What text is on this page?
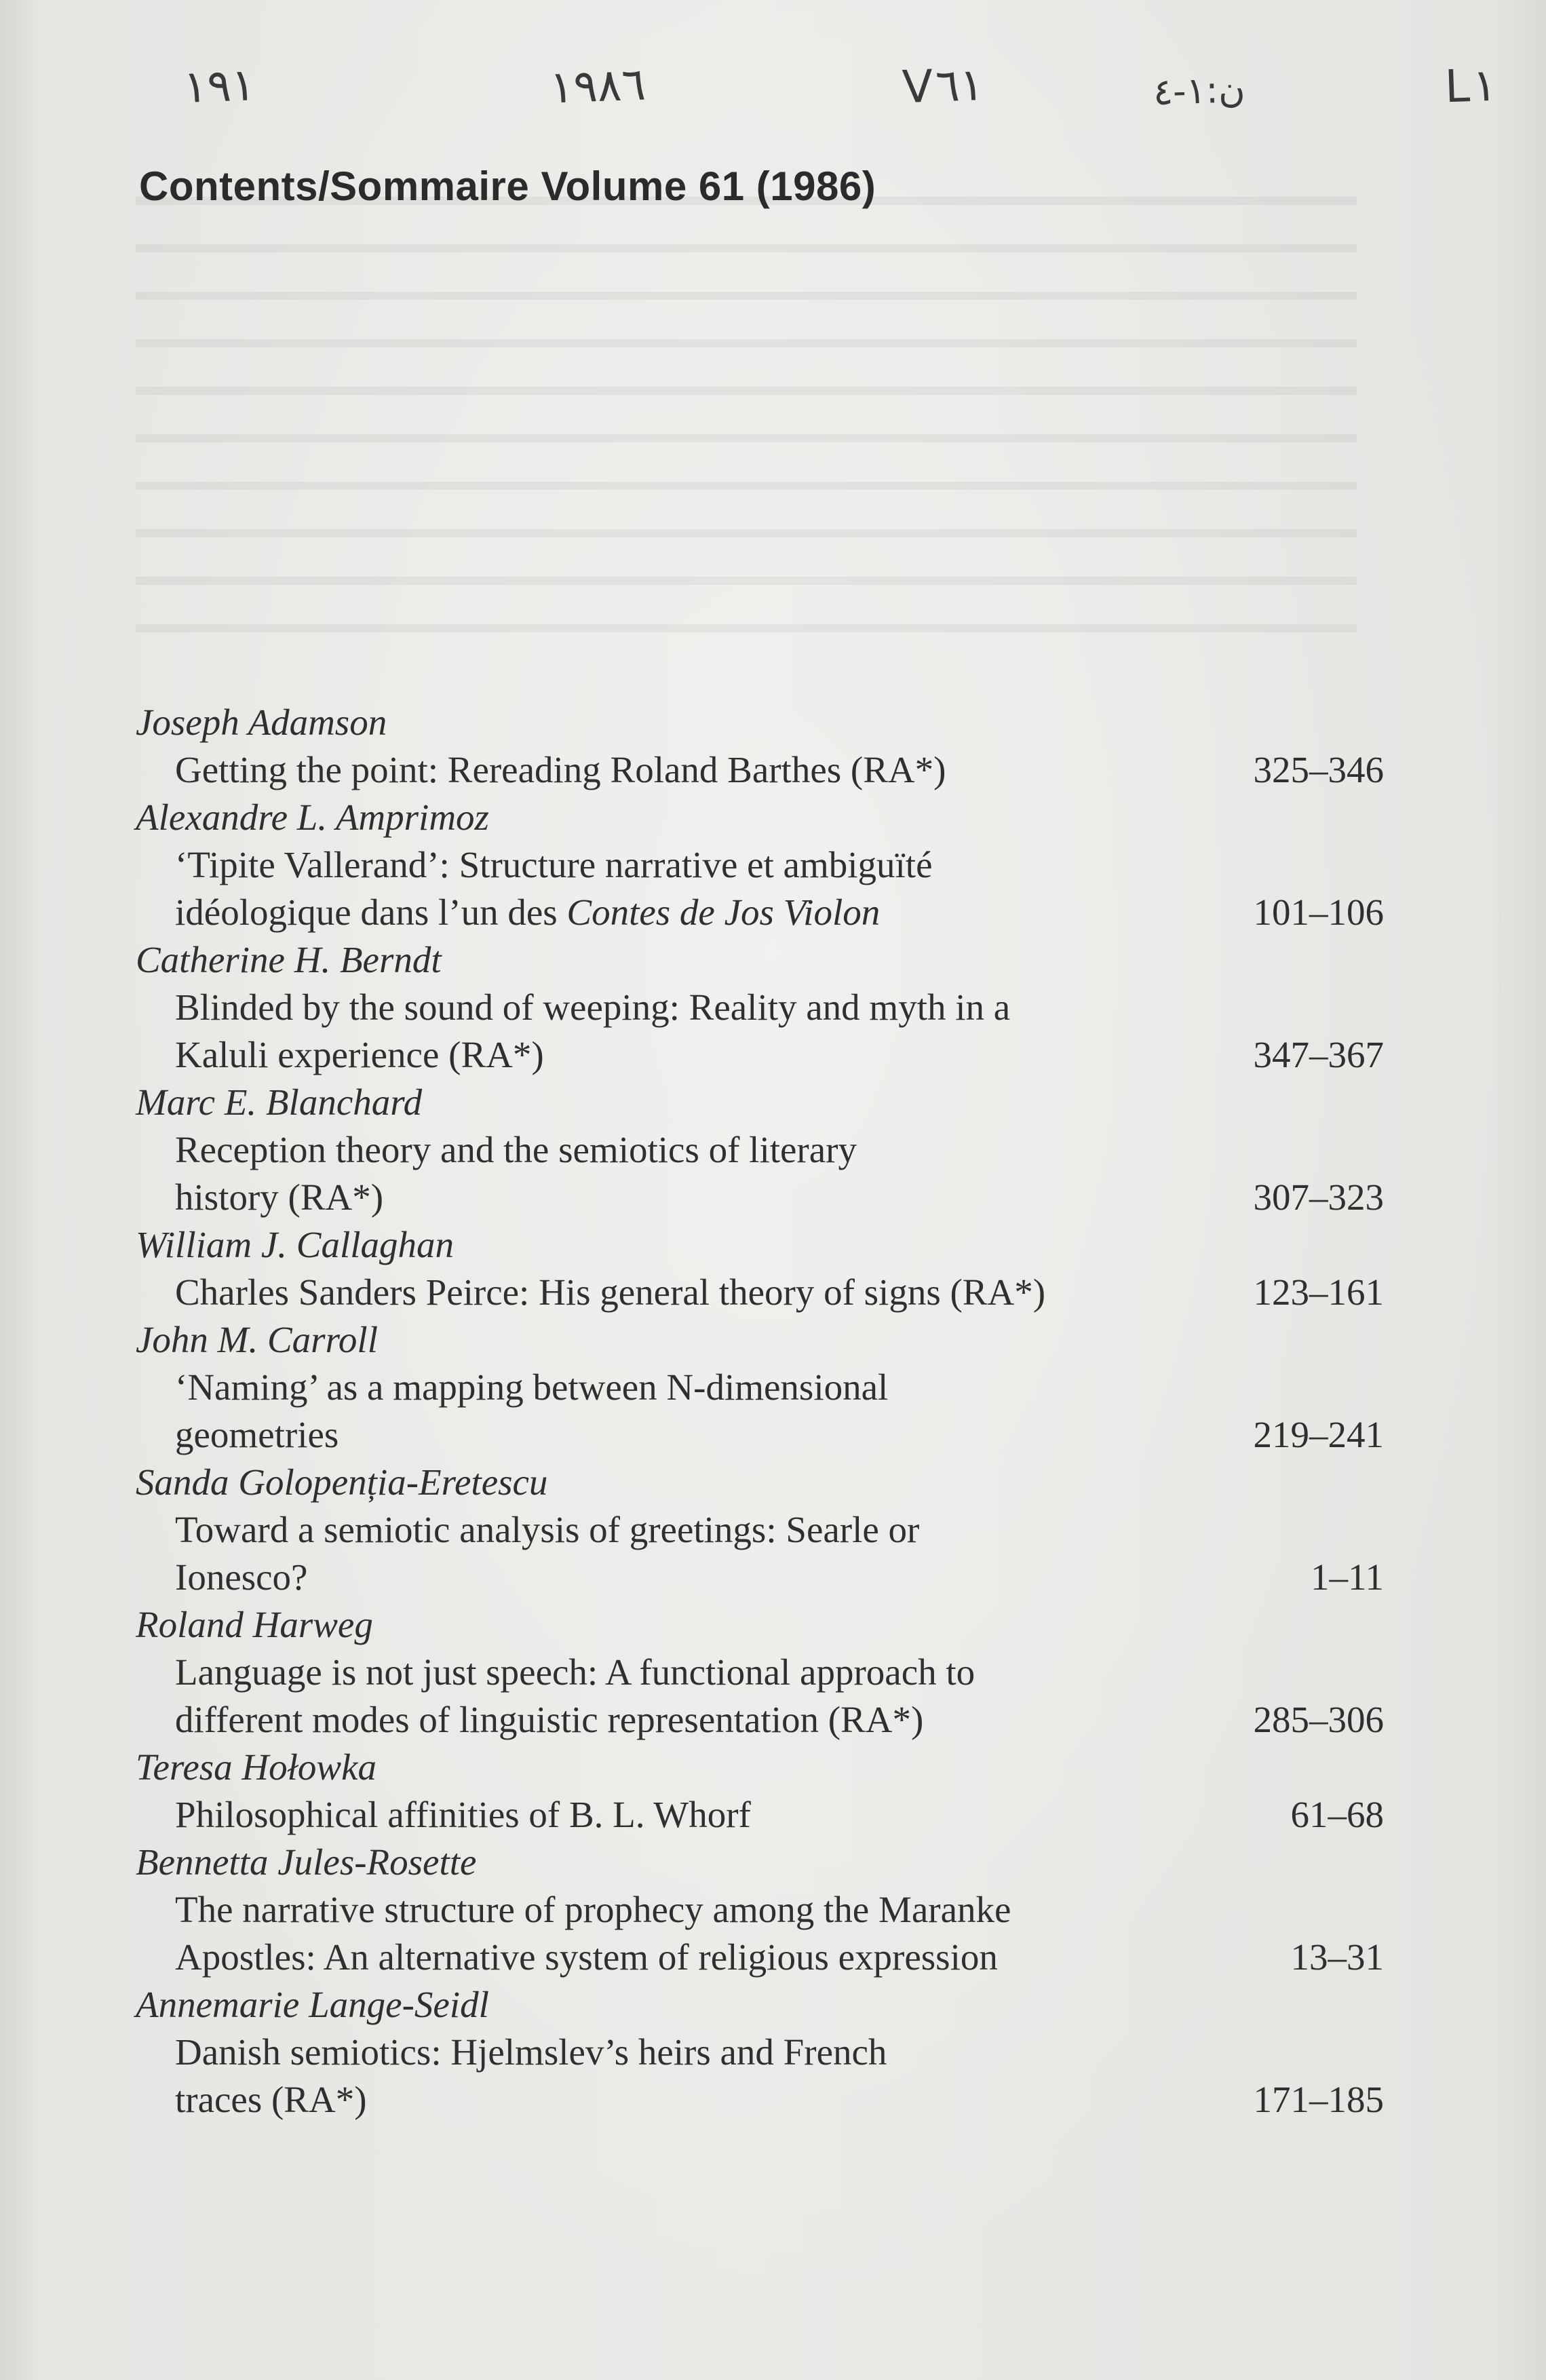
١٩١	١٩٨٦	V٦١	ن:١-٤	L١
Contents/Sommaire Volume 61 (1986)
Joseph Adamson
Getting the point: Rereading Roland Barthes (RA*)	325–346
Alexandre L. Amprimoz
‘Tipite Vallerand’: Structure narrative et ambiguïté
idéologique dans l’un des Contes de Jos Violon	101–106
Catherine H. Berndt
Blinded by the sound of weeping: Reality and myth in a
Kaluli experience (RA*)	347–367
Marc E. Blanchard
Reception theory and the semiotics of literary
history (RA*)	307–323
William J. Callaghan
Charles Sanders Peirce: His general theory of signs (RA*)	123–161
John M. Carroll
‘Naming’ as a mapping between N-dimensional
geometries	219–241
Sanda Golopenția-Eretescu
Toward a semiotic analysis of greetings: Searle or
Ionesco?	1–11
Roland Harweg
Language is not just speech: A functional approach to
different modes of linguistic representation (RA*)	285–306
Teresa Hołowka
Philosophical affinities of B. L. Whorf	61–68
Bennetta Jules-Rosette
The narrative structure of prophecy among the Maranke
Apostles: An alternative system of religious expression	13–31
Annemarie Lange-Seidl
Danish semiotics: Hjelmslev’s heirs and French
traces (RA*)	171–185
